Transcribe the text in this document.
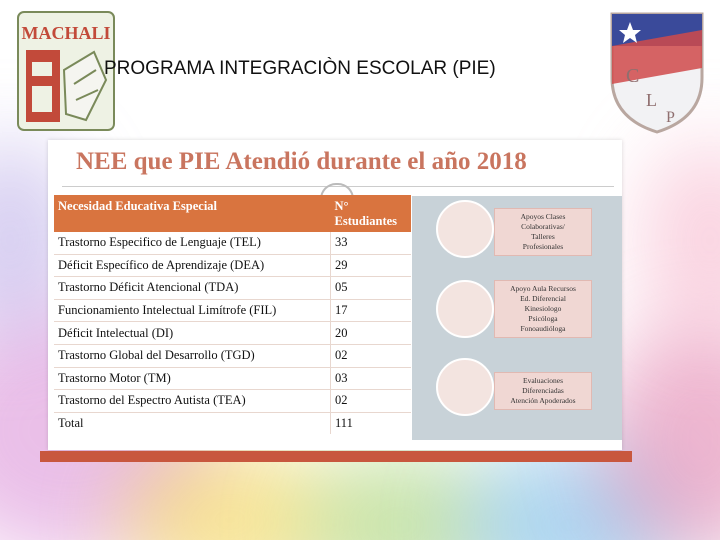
MACHALI
PROGRAMA INTEGRACIÒN ESCOLAR (PIE)	C
L
P
NEE que PIE Atendió durante el año 2018
Necesidad Educativa Especial	N° Estudiantes
Trastorno Especifico de Lenguaje (TEL)	33
Déficit Específico de Aprendizaje (DEA)	29
Trastorno Déficit Atencional (TDA)	05
Funcionamiento Intelectual Limítrofe (FIL)	17
Déficit Intelectual (DI)	20
Trastorno Global del Desarrollo (TGD)	02
Trastorno Motor (TM)	03
Trastorno del Espectro Autista (TEA)	02
Total	111
Apoyos Clases
Colaborativas/
Talleres
Profesionales
Apoyo Aula Recursos
Ed. Diferencial
Kinesiologo
Psicóloga
Fonoaudióloga
Evaluaciones
Diferenciadas
Atención Apoderados
